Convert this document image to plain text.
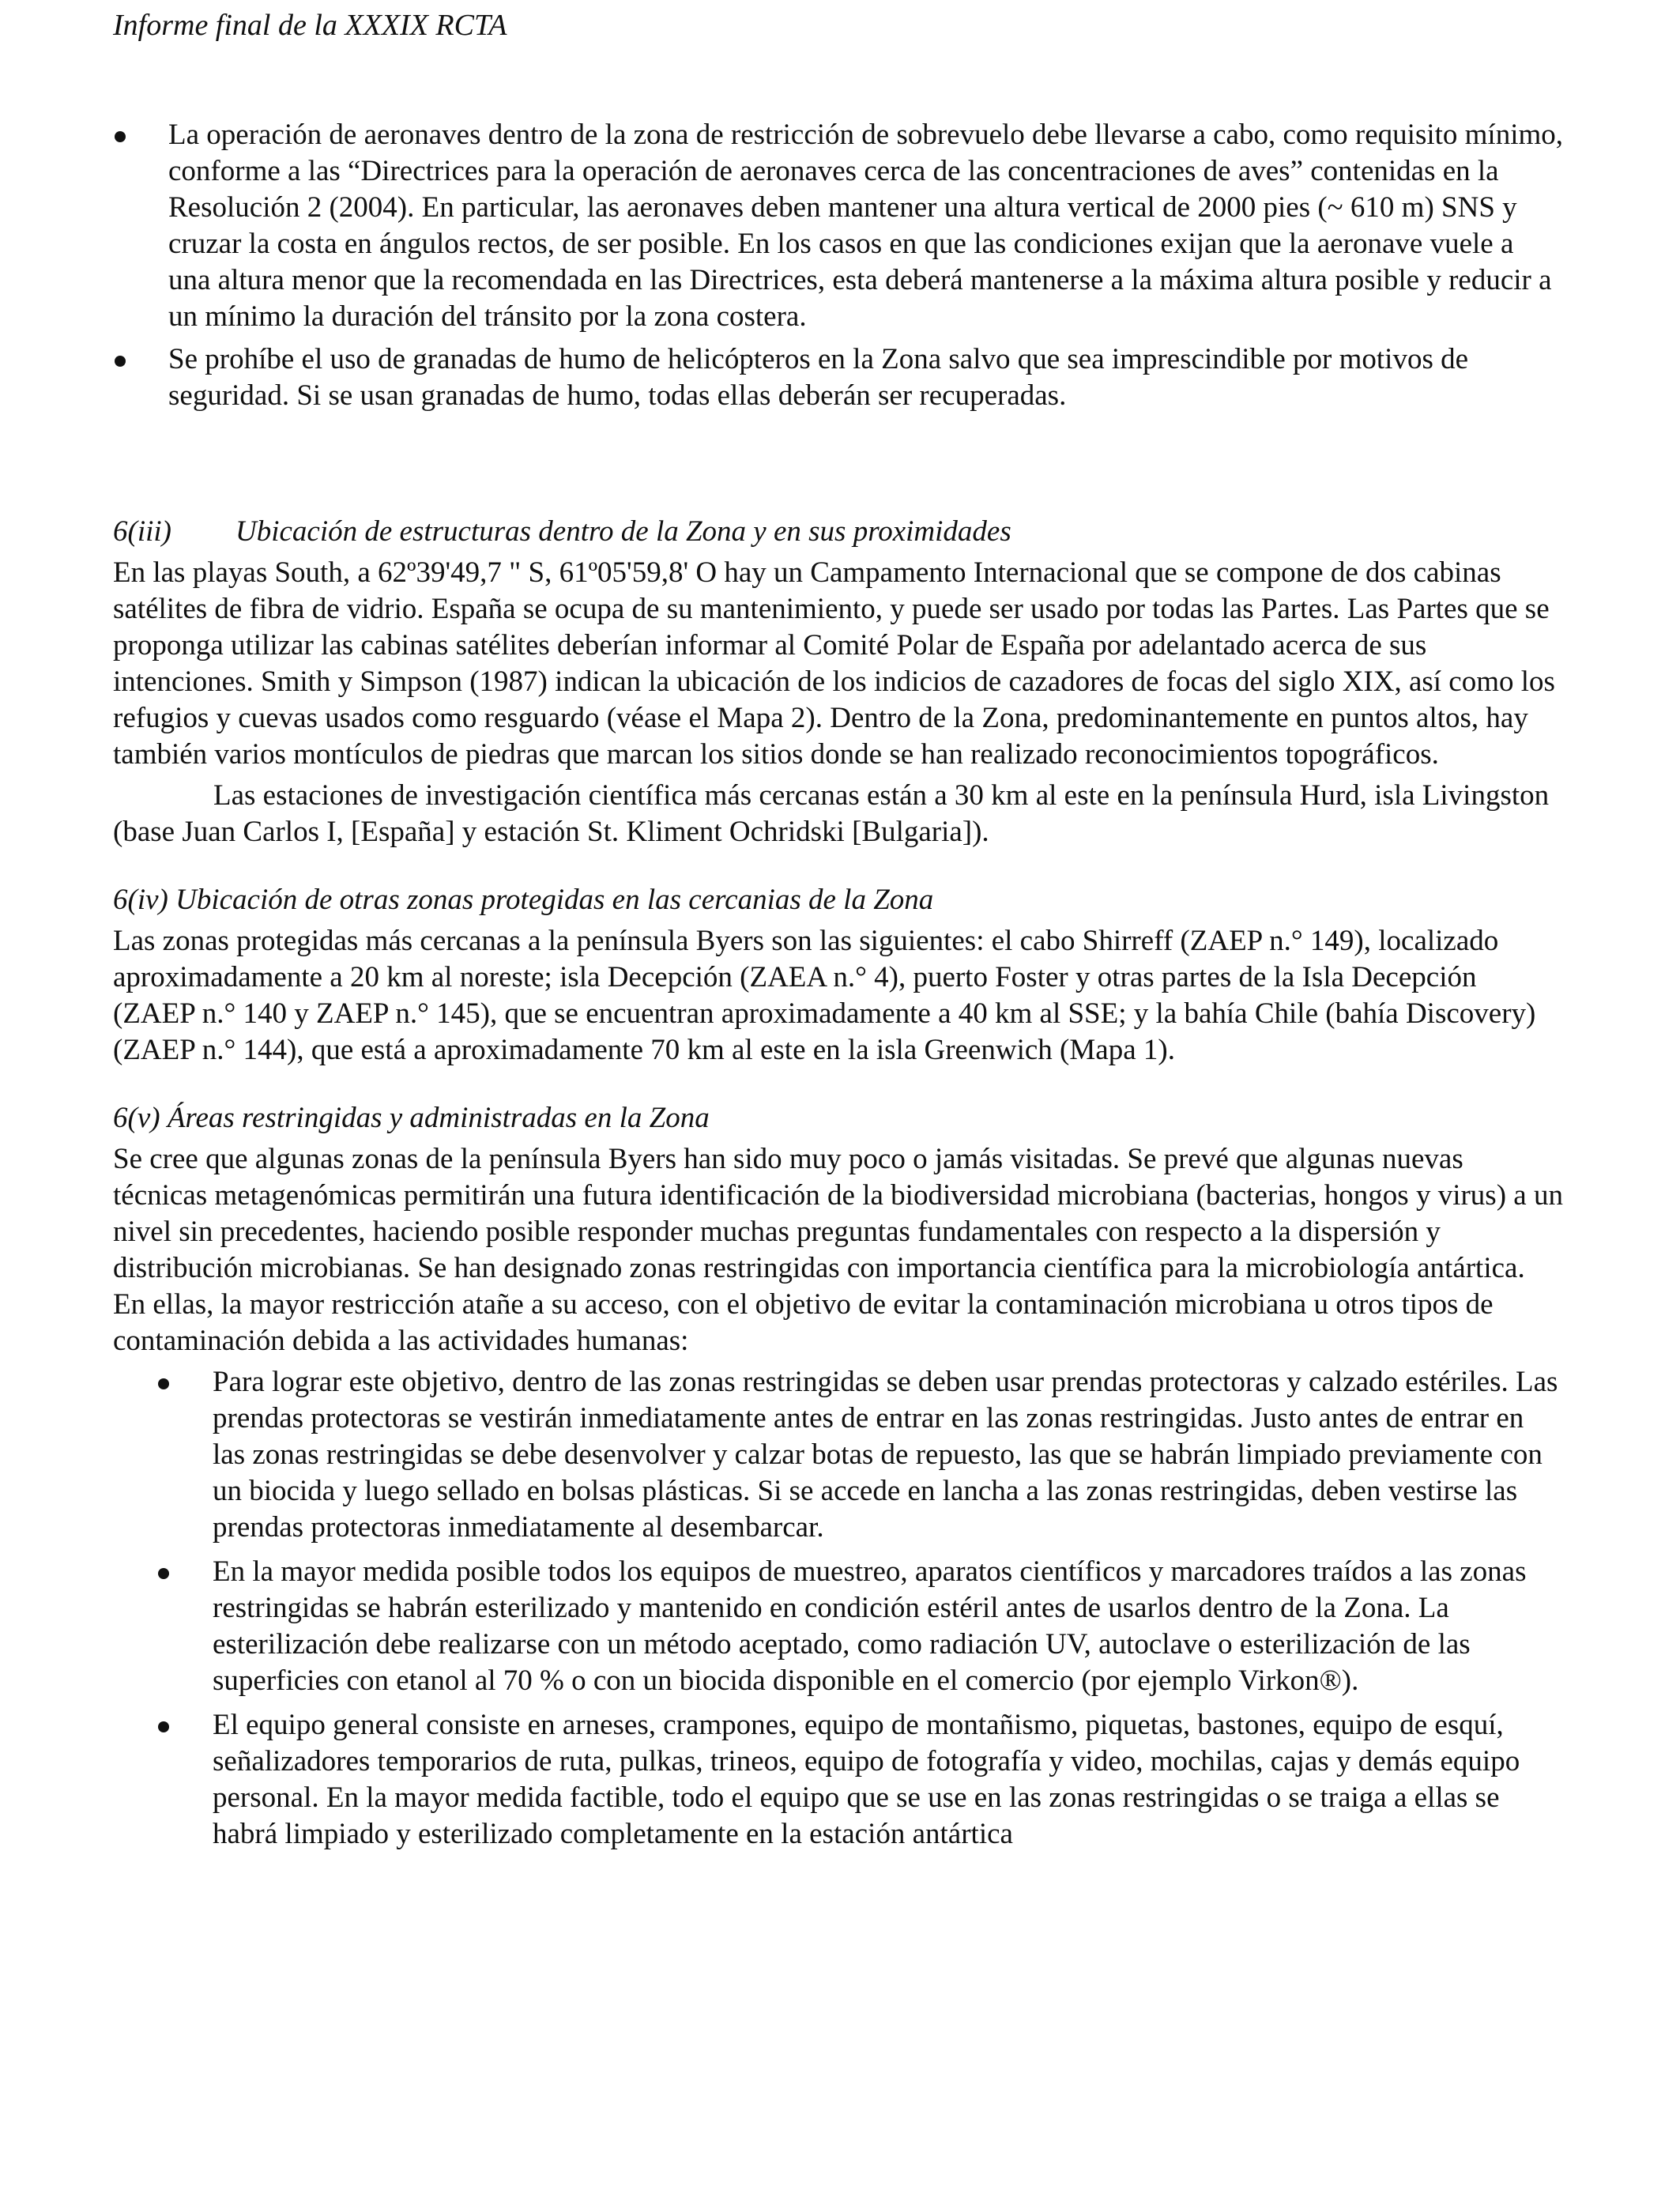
Informe final de la XXXIX RCTA
La operación de aeronaves dentro de la zona de restricción de sobrevuelo debe llevarse a cabo, como requisito mínimo, conforme a las “Directrices para la operación de aeronaves cerca de las concentraciones de aves” contenidas en la Resolución 2 (2004). En particular, las aeronaves deben mantener una altura vertical de 2000 pies (~ 610 m) SNS y cruzar la costa en ángulos rectos, de ser posible. En los casos en que las condiciones exijan que la aeronave vuele a una altura menor que la recomendada en las Directrices, esta deberá mantenerse a la máxima altura posible y reducir a un mínimo la duración del tránsito por la zona costera.
Se prohíbe el uso de granadas de humo de helicópteros en la Zona salvo que sea imprescindible por motivos de seguridad. Si se usan granadas de humo, todas ellas deberán ser recuperadas.

6(iii) Ubicación de estructuras dentro de la Zona y en sus proximidades

En las playas South, a 62º39'49,7 " S, 61º05'59,8' O hay un Campamento Internacional que se compone de dos cabinas satélites de fibra de vidrio. España se ocupa de su mantenimiento, y puede ser usado por todas las Partes. Las Partes que se proponga utilizar las cabinas satélites deberían informar al Comité Polar de España por adelantado acerca de sus intenciones. Smith y Simpson (1987) indican la ubicación de los indicios de cazadores de focas del siglo XIX, así como los refugios y cuevas usados como resguardo (véase el Mapa 2). Dentro de la Zona, predominantemente en puntos altos, hay también varios montículos de piedras que marcan los sitios donde se han realizado reconocimientos topográficos.

Las estaciones de investigación científica más cercanas están a 30 km al este en la península Hurd, isla Livingston (base Juan Carlos I, [España] y estación St. Kliment Ochridski [Bulgaria]).

6(iv) Ubicación de otras zonas protegidas en las cercanias de la Zona

Las zonas protegidas más cercanas a la península Byers son las siguientes: el cabo Shirreff (ZAEP n.° 149), localizado aproximadamente a 20 km al noreste; isla Decepción (ZAEA n.° 4), puerto Foster y otras partes de la Isla Decepción (ZAEP n.° 140 y ZAEP n.° 145), que se encuentran aproximadamente a 40 km al SSE; y la bahía Chile (bahía Discovery) (ZAEP n.° 144), que está a aproximadamente 70 km al este en la isla Greenwich (Mapa 1).

6(v) Áreas restringidas y administradas en la Zona

Se cree que algunas zonas de la península Byers han sido muy poco o jamás visitadas. Se prevé que algunas nuevas técnicas metagenómicas permitirán una futura identificación de la biodiversidad microbiana (bacterias, hongos y virus) a un nivel sin precedentes, haciendo posible responder muchas preguntas fundamentales con respecto a la dispersión y distribución microbianas. Se han designado zonas restringidas con importancia científica para la microbiología antártica. En ellas, la mayor restricción atañe a su acceso, con el objetivo de evitar la contaminación microbiana u otros tipos de contaminación debida a las actividades humanas:

Para lograr este objetivo, dentro de las zonas restringidas se deben usar prendas protectoras y calzado estériles. Las prendas protectoras se vestirán inmediatamente antes de entrar en las zonas restringidas. Justo antes de entrar en las zonas restringidas se debe desenvolver y calzar botas de repuesto, las que se habrán limpiado previamente con un biocida y luego sellado en bolsas plásticas. Si se accede en lancha a las zonas restringidas, deben vestirse las prendas protectoras inmediatamente al desembarcar.
En la mayor medida posible todos los equipos de muestreo, aparatos científicos y marcadores traídos a las zonas restringidas se habrán esterilizado y mantenido en condición estéril antes de usarlos dentro de la Zona. La esterilización debe realizarse con un método aceptado, como radiación UV, autoclave o esterilización de las superficies con etanol al 70 % o con un biocida disponible en el comercio (por ejemplo Virkon®).
El equipo general consiste en arneses, crampones, equipo de montañismo, piquetas, bastones, equipo de esquí, señalizadores temporarios de ruta, pulkas, trineos, equipo de fotografía y video, mochilas, cajas y demás equipo personal. En la mayor medida factible, todo el equipo que se use en las zonas restringidas o se traiga a ellas se habrá limpiado y esterilizado completamente en la estación antártica
